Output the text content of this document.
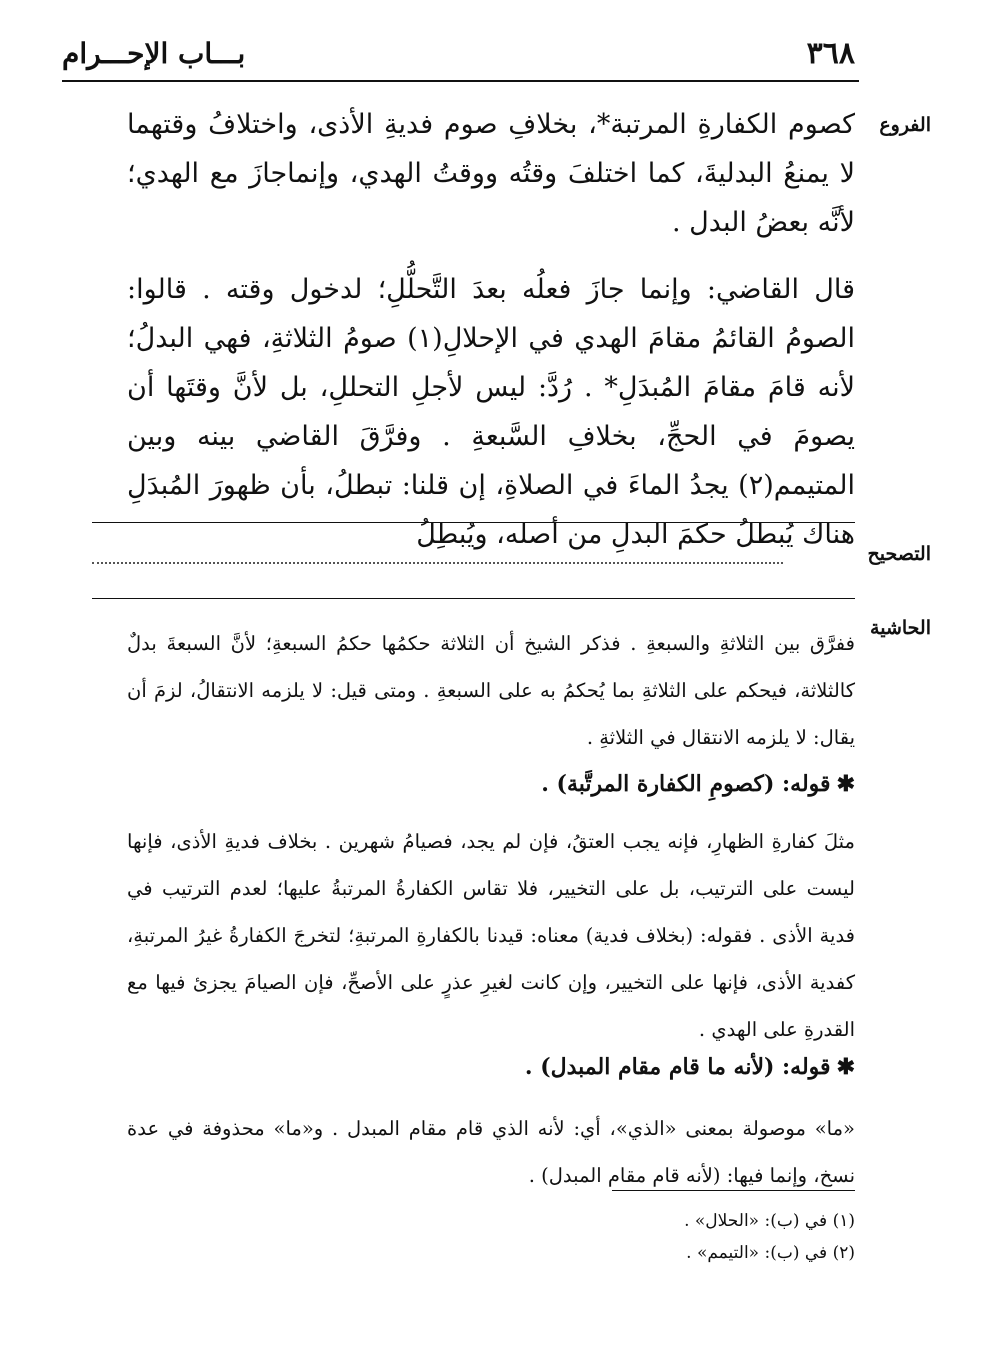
٣٦٨
بـــاب الإحـــرام
الفروع

كصوم الكفارةِ المرتبة*، بخلافِ صوم فديةِ الأذى، واختلافُ وقتهما لا يمنعُ البدليةَ، كما اختلفَ وقتُه ووقتُ الهدي، وإنماجازَ مع الهدي؛ لأنَّه بعضُ البدل .

قال القاضي: وإنما جازَ فعلُه بعدَ التَّحلُّلِ؛ لدخول وقته . قالوا: الصومُ القائمُ مقامَ الهدي في الإحلالِ(١) صومُ الثلاثةِ، فهي البدلُ؛ لأنه قامَ مقامَ المُبدَلِ* . رُدَّ: ليس لأجلِ التحللِ، بل لأنَّ وقتَها أن يصومَ في الحجِّ، بخلافِ السَّبعةِ . وفرَّقَ القاضي بينه وبين المتيمم(٢) يجدُ الماءَ في الصلاةِ، إن قلنا: تبطلُ، بأن ظهورَ المُبدَلِ هناك يُبطلُ حكمَ البدلِ من أصله، ويُبطِلُ

التصحيح
الحاشية

ففرَّق بين الثلاثةِ والسبعةِ . فذكر الشيخ أن الثلاثة حكمُها حكمُ السبعةِ؛ لأنَّ السبعةَ بدلٌ كالثلاثة، فيحكم على الثلاثةِ بما يُحكمُ به على السبعةِ . ومتى قيل: لا يلزمه الانتقالُ، لزمَ أن يقال: لا يلزمه الانتقال في الثلاثةِ .

✱قوله: (كصومِ الكفارة المرتَّبة) .

مثلَ كفارةِ الظهارِ، فإنه يجب العتقُ، فإن لم يجد، فصيامُ شهرين . بخلاف فديةِ الأذى، فإنها ليست على الترتيب، بل على التخيير، فلا تقاس الكفارةُ المرتبةُ عليها؛ لعدم الترتيب في فدية الأذى . فقوله: (بخلاف فدية) معناه: قيدنا بالكفارةِ المرتبةِ؛ لتخرجَ الكفارةُ غيرُ المرتبةِ، كفدية الأذى، فإنها على التخيير، وإن كانت لغيرِ عذرٍ على الأصحِّ، فإن الصيامَ يجزئ فيها مع القدرةِ على الهدي .

✱قوله: (لأنه ما قام مقام المبدل) .

«ما» موصولة بمعنى «الذي»، أي: لأنه الذي قام مقام المبدل . و«ما» محذوفة في عدة نسخ، وإنما فيها: (لأنه قام مقام المبدل) .

(١) في (ب): «الحلال» .
(٢) في (ب): «التيمم» .
